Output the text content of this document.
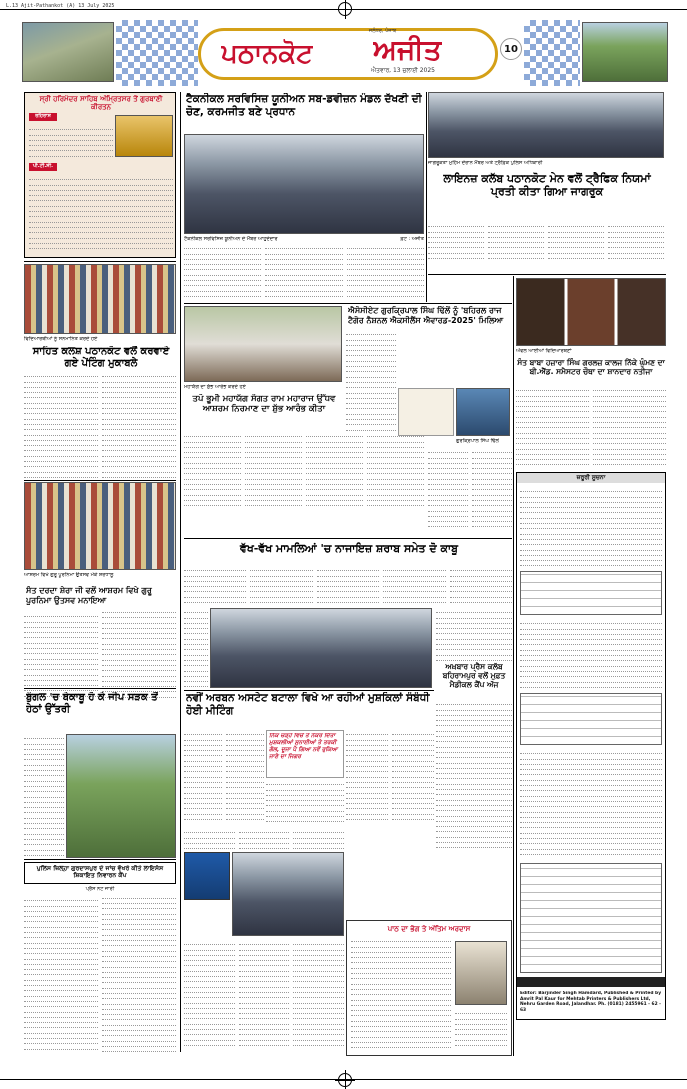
L.13 Ajit-Pathankot (A) 13 July 2025
ਪਠਾਨਕੋਟ ਅਜੀਤ
ਜਲੰਧਰ, ਪੰਜਾਬ
ਐਤਵਾਰ, 13 ਜੁਲਾਈ 2025
10
ਸ੍ਰੀ ਹਰਿਮੰਦਰ ਸਾਹਿਬ ਅੰਮ੍ਰਿਤਸਰ ਤੋਂ ਗੁਰਬਾਣੀ ਕੀਰਤਨ
ਰਹਿਰਾਸ
ਪੀ.ਟੀ.ਸੀ.
ਟੈਕਨੀਕਲ ਸਰਵਿਸਿਜ਼ ਯੂਨੀਅਨ ਸਬ-ਡਵੀਜ਼ਨ ਮੰਡਲ ਦੱਖਣੀ ਦੀ ਚੋਣ, ਕਰਮਜੀਤ ਬਣੇ ਪ੍ਰਧਾਨ
ਟੈਕਨੀਕਲ ਸਰਵਿਸਿਜ਼ ਯੂਨੀਅਨ ਦੇ ਮੈਂਬਰ ਆਹੁਦੇਦਾਰ	ਫ਼ੋਟੋ : ਅਜੀਤ
ਜਾਗਰੂਕਤਾ ਮੁਹਿੰਮ ਦੌਰਾਨ ਮੈਂਬਰ ਅਤੇ ਟ੍ਰੈਫ਼ਿਕ ਪੁਲਿਸ ਅਧਿਕਾਰੀ
ਲਾਇਨਜ਼ ਕਲੱਬ ਪਠਾਨਕੋਟ ਮੇਨ ਵਲੋਂ ਟ੍ਰੈਫਿਕ ਨਿਯਮਾਂ ਪ੍ਰਤੀ ਕੀਤਾ ਗਿਆ ਜਾਗਰੂਕ
ਵਿਦਿਆਰਥੀਆਂ ਨੂੰ ਸਨਮਾਨਿਤ ਕਰਦੇ ਹੋਏ
ਸਾਹਿਤ ਕਲਸ਼ ਪਠਾਨਕੋਟ ਵਲੋਂ ਕਰਵਾਏ ਗਏ ਪੇਂਟਿੰਗ ਮੁਕਾਬਲੇ
ਮਹਾਯੱਗ ਦਾ ਸ਼ੁੱਭ ਆਰੰਭ ਕਰਦੇ ਹੋਏ
ਤਪੋ ਭੂਮੀ ਮਹਾਯੱਗ ਸੰਗਤ ਰਾਮ ਮਹਾਰਾਜ ਉੱਧਵ ਆਸ਼ਰਮ ਨਿਰਮਾਣ ਦਾ ਸ਼ੁੱਭ ਆਰੰਭ ਕੀਤਾ
ਐਸੋਸੀਏਟ ਗੁਰਕ੍ਰਿਪਾਲ ਸਿੰਘ ਢਿੱਲੋਂ ਨੂੰ 'ਬਹਿਰਲ ਰਾਜ ਟੈਗੋਰ ਨੈਸ਼ਨਲ ਐਕਸੀਲੈਂਸ ਐਵਾਰਡ-2025' ਮਿਲਿਆ
ਗੁਰਕ੍ਰਿਪਾਲ ਸਿੰਘ ਢਿੱਲੋਂ
ਅੱਵਲ ਆਈਆਂ ਵਿਦਿਆਰਥਣਾਂ
ਸੰਤ ਬਾਬਾ ਹਜ਼ਾਰਾ ਸਿੰਘ ਗਰਲਜ਼ ਕਾਲਜ ਨਿੱਕੇ ਘੁੰਮਣ ਦਾ ਬੀ.ਐੱਡ. ਸਮੈਸਟਰ ਚੌਥਾ ਦਾ ਸ਼ਾਨਦਾਰ ਨਤੀਜਾ
ਜ਼ਰੂਰੀ ਸੂਚਨਾ
Editor: Barjinder Singh Hamdard, Published & Printed by Amrit Pal Kaur for Mehtab Printers & Publishers Ltd, Nehru Garden Road, Jalandhar. Ph. (0181) 2455961 - 62 - 63
ਆਸ਼ਰਮ ਵਿਖੇ ਗੁਰੂ ਪੂਰਨਿਮਾ ਉਤਸਵ ਮੌਕੇ ਸ਼ਰਧਾਲੂ
ਸੰਤ ਦਰਦਾ ਸ਼ੇਰਾ ਜੀ ਵਲੋਂ ਆਸ਼ਰਮ ਵਿਖੇ ਗੁਰੂ ਪੂਰਨਿਮਾ ਉਤਸਵ ਮਨਾਇਆ
ਵੱਖ-ਵੱਖ ਮਾਮਲਿਆਂ 'ਚ ਨਾਜਾਇਜ਼ ਸ਼ਰਾਬ ਸਮੇਤ ਦੋ ਕਾਬੂ
ਅਖ਼ਬਾਰ ਪ੍ਰੈਸ ਕਲੱਬ ਬਹਿਰਾਮਪੁਰ ਵਲੋਂ ਮੁਫ਼ਤ ਮੈਡੀਕਲ ਕੈਂਪ ਅੱਜ
ਬੁੰਗਲ 'ਚ ਬੇਕਾਬੂ ਹੋ ਕੇ ਜੀਪ ਸੜਕ ਤੋਂ ਹੇਠਾਂ ਉੱਤਰੀ
ਨਵੀਂ ਅਰਬਨ ਅਸਟੇਟ ਬਟਾਲਾ ਵਿਖੇ ਆ ਰਹੀਆਂ ਮੁਸ਼ਕਿਲਾਂ ਸੰਬੰਧੀ ਹੋਈ ਮੀਟਿੰਗ
ਨਿੱਕ ਚੜ੍ਹੇ ਵਿਚੋਂ ਤੇ ਨੌਕਰ ਦਿੱਤਾ ਮੁਸ਼ਕਲੀਆਂ ਸੁਨਾਈਆਂ ਤੇ ਤਰਕੀ ਗੱਲ, ਦੂਜਾ ਪੈ ਗਿਆ ਨਵੇਂ ਰੁਕਿਆ ਜਾਣੇ ਦਾ ਜਿਗਰ
ਪੁਲਿਸ ਜ਼ਿਲ੍ਹਾ ਗੁਰਦਾਸਪੁਰ ਦੇ ਜਾਂਚ ਵੱਖਰੇ ਕੀਤੇ ਲਾਇਸੰਸ ਸ਼ਿਕਾਇਤ ਨਿਵਾਰਨ ਕੈਂਪ
ਪ੍ਰੈਸ ਨੋਟ ਜਾਰੀ
ਪਾਠ ਦਾ ਭੋਗ ਤੇ ਅੰਤਿਮ ਅਰਦਾਸ
